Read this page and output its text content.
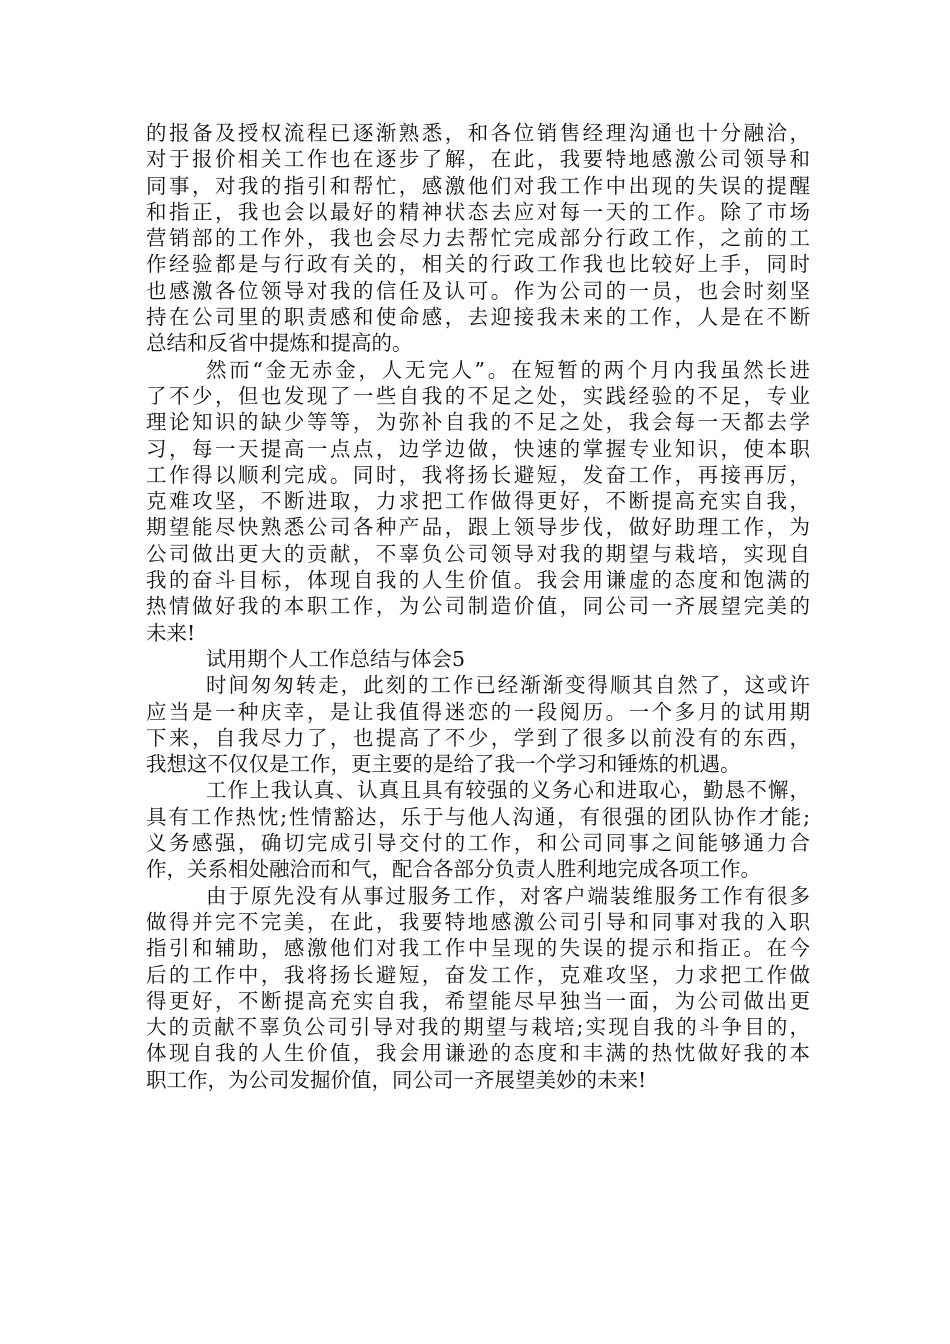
的报备及授权流程已逐渐熟悉，和各位销售经理沟通也十分融洽，
对于报价相关工作也在逐步了解，在此，我要特地感激公司领导和
同事，对我的指引和帮忙，感激他们对我工作中出现的失误的提醒
和指正，我也会以最好的精神状态去应对每一天的工作。除了市场
营销部的工作外，我也会尽力去帮忙完成部分行政工作，之前的工
作经验都是与行政有关的，相关的行政工作我也比较好上手，同时
也感激各位领导对我的信任及认可。作为公司的一员，也会时刻坚
持在公司里的职责感和使命感，去迎接我未来的工作，人是在不断
总结和反省中提炼和提高的。
然而“金无赤金，人无完人”。在短暂的两个月内我虽然长进
了不少，但也发现了一些自我的不足之处，实践经验的不足，专业
理论知识的缺少等等，为弥补自我的不足之处，我会每一天都去学
习，每一天提高一点点，边学边做，快速的掌握专业知识，使本职
工作得以顺利完成。同时，我将扬长避短，发奋工作，再接再厉，
克难攻坚，不断进取，力求把工作做得更好，不断提高充实自我，
期望能尽快熟悉公司各种产品，跟上领导步伐，做好助理工作，为
公司做出更大的贡献，不辜负公司领导对我的期望与栽培，实现自
我的奋斗目标，体现自我的人生价值。我会用谦虚的态度和饱满的
热情做好我的本职工作，为公司制造价值，同公司一齐展望完美的
未来!
试用期个人工作总结与体会5
时间匆匆转走，此刻的工作已经渐渐变得顺其自然了，这或许
应当是一种庆幸，是让我值得迷恋的一段阅历。一个多月的试用期
下来，自我尽力了，也提高了不少，学到了很多以前没有的东西，
我想这不仅仅是工作，更主要的是给了我一个学习和锤炼的机遇。
工作上我认真、认真且具有较强的义务心和进取心，勤恳不懈，
具有工作热忱;性情豁达，乐于与他人沟通，有很强的团队协作才能;
义务感强，确切完成引导交付的工作，和公司同事之间能够通力合
作，关系相处融洽而和气，配合各部分负责人胜利地完成各项工作。
由于原先没有从事过服务工作，对客户端装维服务工作有很多
做得并完不完美，在此，我要特地感激公司引导和同事对我的入职
指引和辅助，感激他们对我工作中呈现的失误的提示和指正。在今
后的工作中，我将扬长避短，奋发工作，克难攻坚，力求把工作做
得更好，不断提高充实自我，希望能尽早独当一面，为公司做出更
大的贡献不辜负公司引导对我的期望与栽培;实现自我的斗争目的，
体现自我的人生价值，我会用谦逊的态度和丰满的热忱做好我的本
职工作，为公司发掘价值，同公司一齐展望美妙的未来!
